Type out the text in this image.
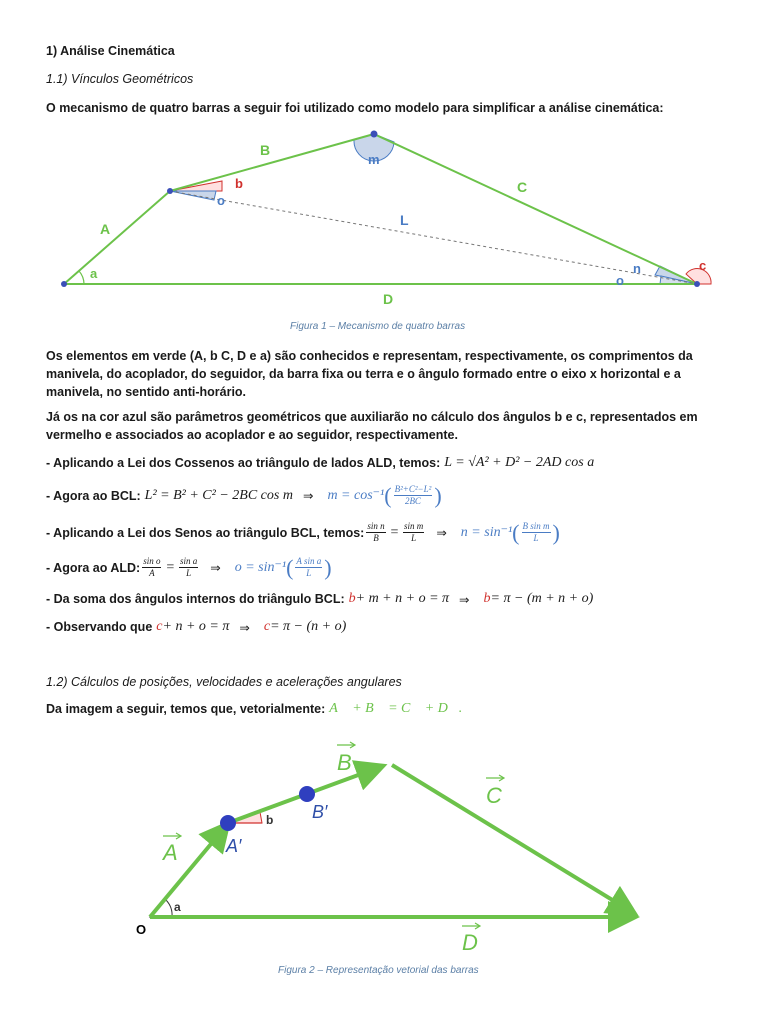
1) Análise Cinemática
1.1) Vínculos Geométricos
O mecanismo de quatro barras a seguir foi utilizado como modelo para simplificar a análise cinemática:
A
B
C
D
L
a
b
m
o
n
o
c
Figura 1 – Mecanismo de quatro barras
Os elementos em verde (A, b C, D e a) são conhecidos e representam, respectivamente, os comprimentos da manivela, do acoplador, do seguidor, da barra fixa ou terra e o ângulo formado entre o eixo x horizontal e a manivela, no sentido anti-horário.
Já os na cor azul são parâmetros geométricos que auxiliarão no cálculo dos ângulos b e c, representados em vermelho e associados ao acoplador e ao seguidor, respectivamente.
- Aplicando a Lei dos Cossenos ao triângulo de lados ALD, temos: L = √A² + D² − 2AD cos a
- Agora ao BCL: L² = B² + C² − 2BC cos m ⇒ m = cos⁻¹ ( $\frac{\text{B²+C²−L²}}{2BC}$ )
- Aplicando a Lei dos Senos ao triângulo BCL, temos: $\frac{\text{sin n}}{B} = \frac{\text{sin m}}{L}$ ⇒ n = sin⁻¹ ( $\frac{\text{B sin m}}{L}$ )
- Agora ao ALD: $\frac{\text{sin o}}{A} = \frac{\text{sin a}}{L}$ ⇒ o = sin⁻¹ ( $\frac{\text{A sin a}}{L}$ )
- Da soma dos ângulos internos do triângulo BCL: b + m + n + o = π ⇒ b = π − (m + n + o)
- Observando que c + n + o = π ⇒ c = π − (n + o)
1.2) Cálculos de posições, velocidades e acelerações angulares
Da imagem a seguir, temos que, vetorialmente: A⃗ + B⃗ = C⃗ + D⃗.
A
B
C
D
A′
B′
a
b
O
Figura 2 – Representação vetorial das barras
